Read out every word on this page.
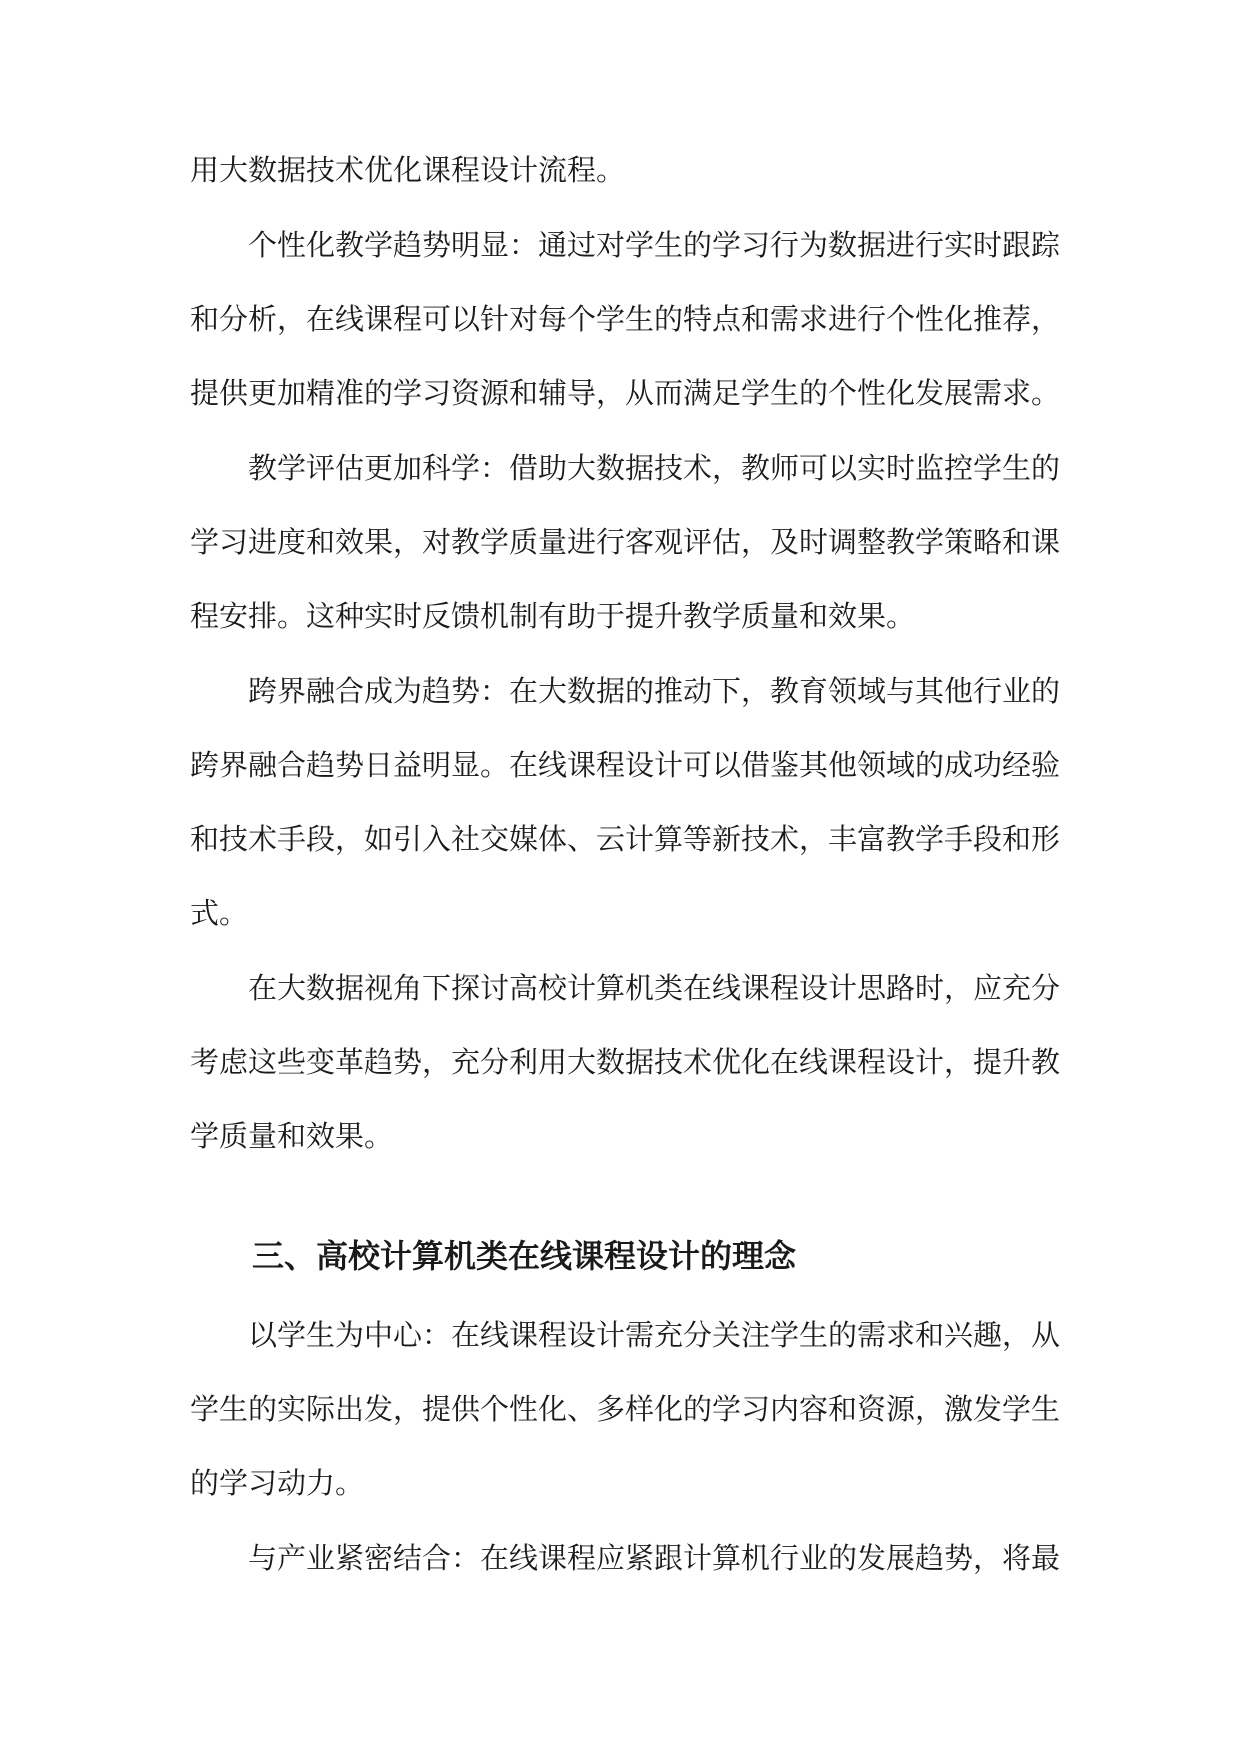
用大数据技术优化课程设计流程。
个性化教学趋势明显：通过对学生的学习行为数据进行实时跟踪
和分析，在线课程可以针对每个学生的特点和需求进行个性化推荐，
提供更加精准的学习资源和辅导，从而满足学生的个性化发展需求。
教学评估更加科学：借助大数据技术，教师可以实时监控学生的
学习进度和效果，对教学质量进行客观评估，及时调整教学策略和课
程安排。这种实时反馈机制有助于提升教学质量和效果。
跨界融合成为趋势：在大数据的推动下，教育领域与其他行业的
跨界融合趋势日益明显。在线课程设计可以借鉴其他领域的成功经验
和技术手段，如引入社交媒体、云计算等新技术，丰富教学手段和形
式。
在大数据视角下探讨高校计算机类在线课程设计思路时，应充分
考虑这些变革趋势，充分利用大数据技术优化在线课程设计，提升教
学质量和效果。
三、高校计算机类在线课程设计的理念
以学生为中心：在线课程设计需充分关注学生的需求和兴趣，从
学生的实际出发，提供个性化、多样化的学习内容和资源，激发学生
的学习动力。
与产业紧密结合：在线课程应紧跟计算机行业的发展趋势，将最
